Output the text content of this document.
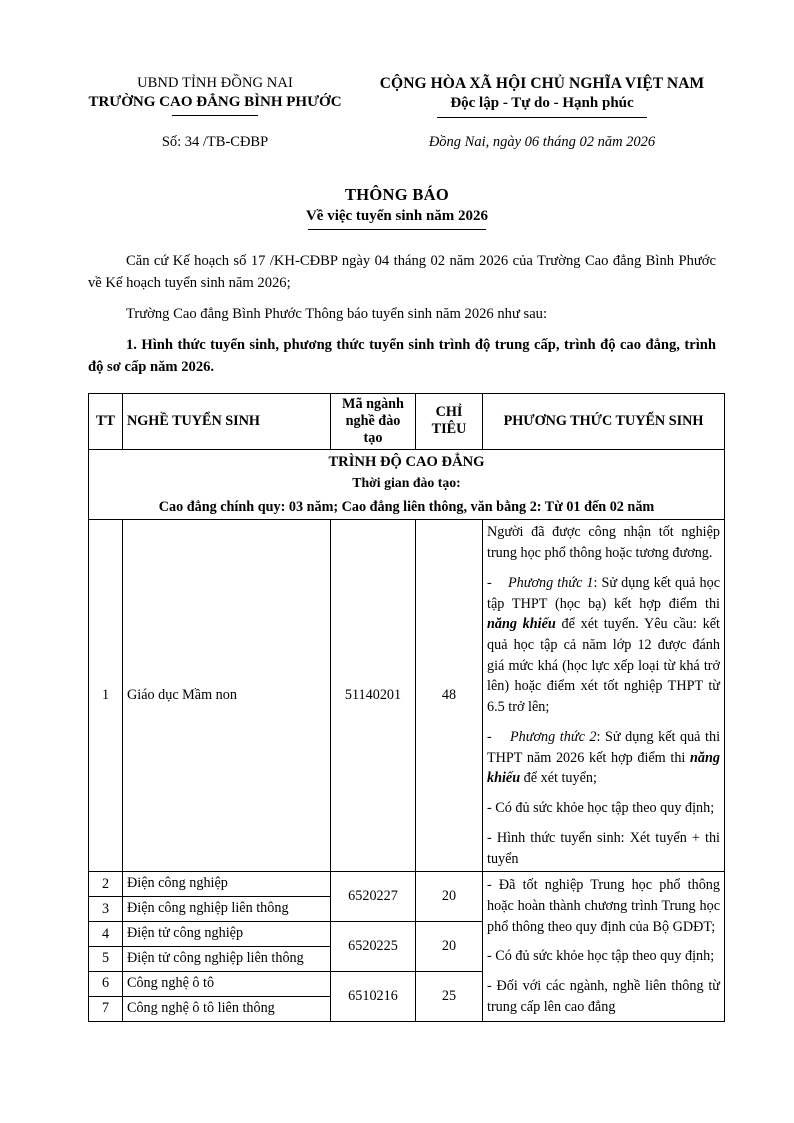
UBND TỈNH ĐỒNG NAI
TRƯỜNG CAO ĐẲNG BÌNH PHƯỚC
CỘNG HÒA XÃ HỘI CHỦ NGHĨA VIỆT NAM
Độc lập - Tự do - Hạnh phúc
Số: 34 /TB-CĐBP	Đồng Nai, ngày 06 tháng 02 năm 2026
THÔNG BÁO
Về việc tuyển sinh năm 2026
Căn cứ Kế hoạch số 17 /KH-CĐBP ngày 04 tháng 02 năm 2026 của Trường Cao đẳng Bình Phước về Kế hoạch tuyển sinh năm 2026;
Trường Cao đẳng Bình Phước Thông báo tuyển sinh năm 2026 như sau:
1. Hình thức tuyển sinh, phương thức tuyển sinh trình độ trung cấp, trình độ cao đẳng, trình độ sơ cấp năm 2026.
TT	NGHỀ TUYỂN SINH	Mã ngành nghề đào tạo	CHỈ TIÊU	PHƯƠNG THỨC TUYỂN SINH

TRÌNH ĐỘ CAO ĐẲNG
Thời gian đào tạo:
Cao đẳng chính quy: 03 năm; Cao đẳng liên thông, văn bằng 2: Từ 01 đến 02 năm				

1	Giáo dục Mầm non	51140201	48	Người đã được công nhận tốt nghiệp trung học phổ thông hoặc tương đương.

- Phương thức 1: Sử dụng kết quả học tập THPT (học bạ) kết hợp điểm thi năng khiếu để xét tuyển. Yêu cầu: kết quả học tập cả năm lớp 12 được đánh giá mức khá (học lực xếp loại từ khá trở lên) hoặc điểm xét tốt nghiệp THPT từ 6.5 trở lên;

- Phương thức 2: Sử dụng kết quả thi THPT năm 2026 kết hợp điểm thi năng khiếu để xét tuyển;

- Có đủ sức khỏe học tập theo quy định;

- Hình thức tuyển sinh: Xét tuyển + thi tuyển

2	Điện công nghiệp	6520227	20	- Đã tốt nghiệp Trung học phổ thông hoặc hoàn thành chương trình Trung học phổ thông theo quy định của Bộ GDĐT;

- Có đủ sức khỏe học tập theo quy định;

- Đối với các ngành, nghề liên thông từ trung cấp lên cao đẳng

3	Điện công nghiệp liên thông			
4	Điện tử công nghiệp	6520225	20	
5	Điện tử công nghiệp liên thông			
6	Công nghệ ô tô	6510216	25	
7	Công nghệ ô tô liên thông			
